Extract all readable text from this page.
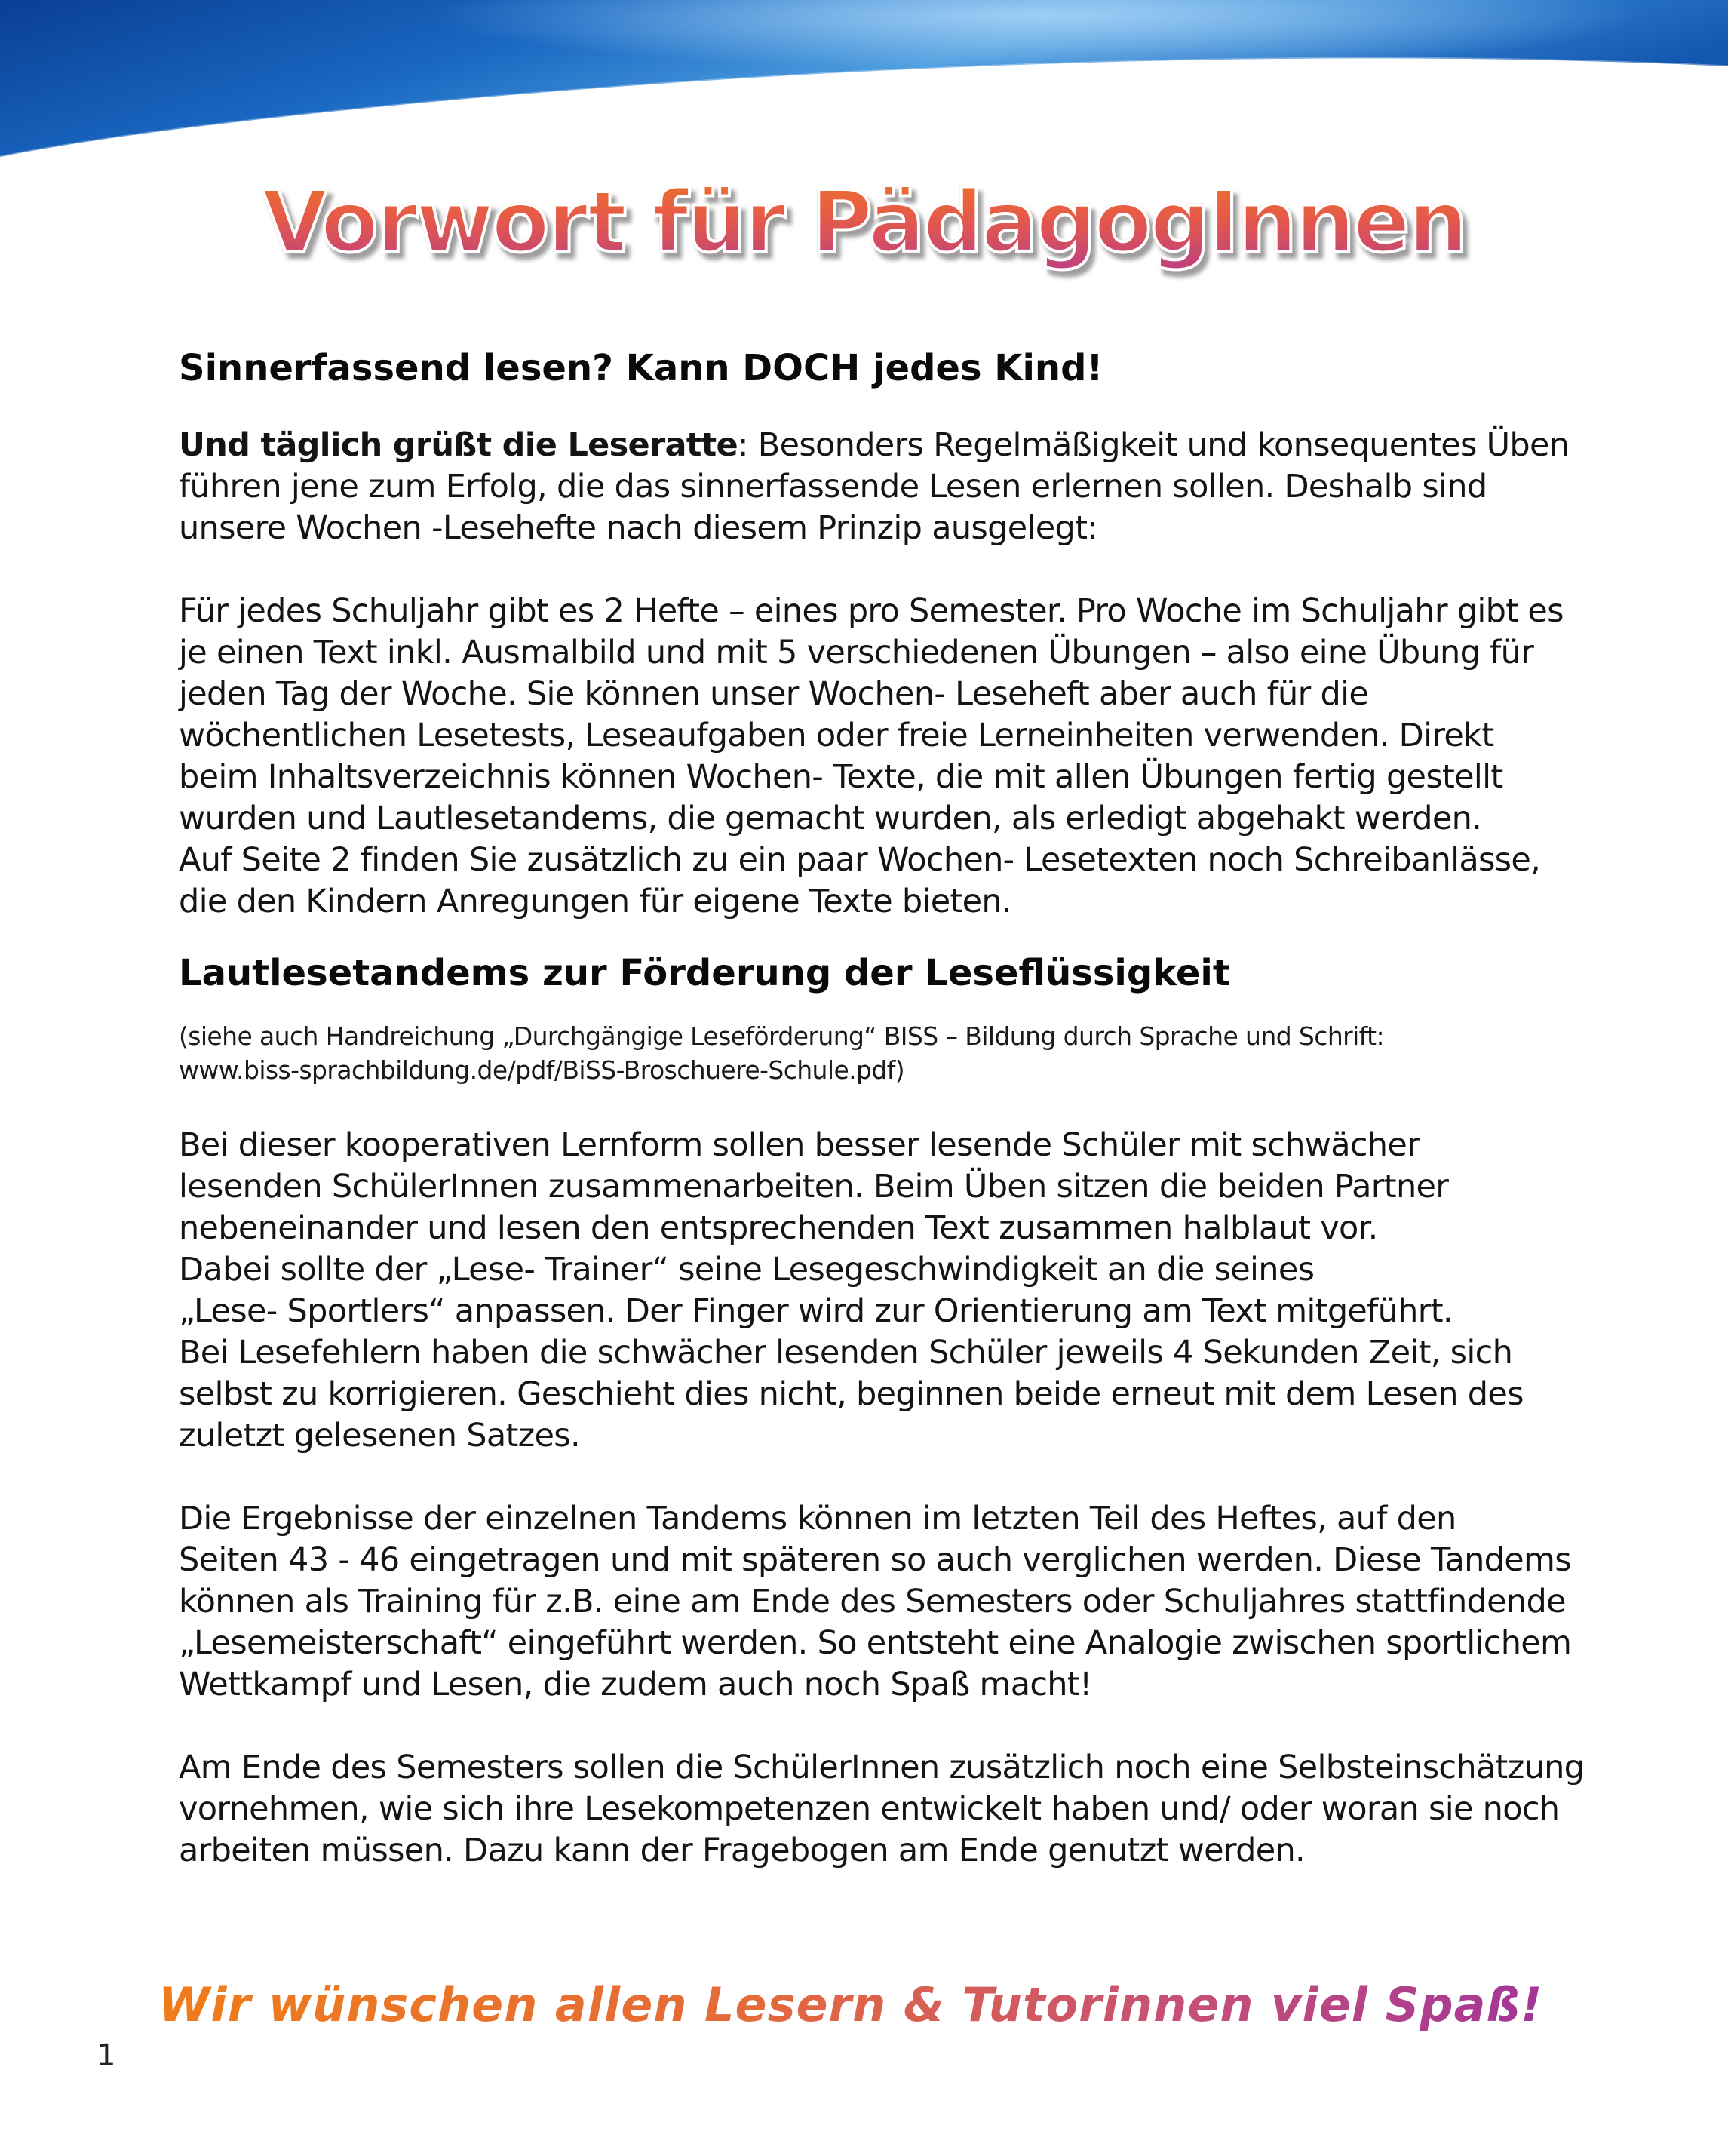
Vorwort für PädagogInnen
Sinnerfassend lesen? Kann DOCH jedes Kind!

Und täglich grüßt die Leseratte: Besonders Regelmäßigkeit und konsequentes Üben
führen jene zum Erfolg, die das sinnerfassende Lesen erlernen sollen. Deshalb sind
unsere Wochen -Lesehefte nach diesem Prinzip ausgelegt:

Für jedes Schuljahr gibt es 2 Hefte – eines pro Semester. Pro Woche im Schuljahr gibt es
je einen Text inkl. Ausmalbild und mit 5 verschiedenen Übungen – also eine Übung für
jeden Tag der Woche. Sie können unser Wochen- Leseheft aber auch für die
wöchentlichen Lesetests, Leseaufgaben oder freie Lerneinheiten verwenden. Direkt
beim Inhaltsverzeichnis können Wochen- Texte, die mit allen Übungen fertig gestellt
wurden und Lautlesetandems, die gemacht wurden, als erledigt abgehakt werden.
Auf Seite 2 finden Sie zusätzlich zu ein paar Wochen- Lesetexten noch Schreibanlässe,
die den Kindern Anregungen für eigene Texte bieten.

Lautlesetandems zur Förderung der Leseflüssigkeit

(siehe auch Handreichung „Durchgängige Leseförderung“ BISS – Bildung durch Sprache und Schrift:
www.biss-sprachbildung.de/pdf/BiSS-Broschuere-Schule.pdf)

Bei dieser kooperativen Lernform sollen besser lesende Schüler mit schwächer
lesenden SchülerInnen zusammenarbeiten. Beim Üben sitzen die beiden Partner
nebeneinander und lesen den entsprechenden Text zusammen halblaut vor.
Dabei sollte der „Lese- Trainer“ seine Lesegeschwindigkeit an die seines
„Lese- Sportlers“ anpassen. Der Finger wird zur Orientierung am Text mitgeführt.
Bei Lesefehlern haben die schwächer lesenden Schüler jeweils 4 Sekunden Zeit, sich
selbst zu korrigieren. Geschieht dies nicht, beginnen beide erneut mit dem Lesen des
zuletzt gelesenen Satzes.

Die Ergebnisse der einzelnen Tandems können im letzten Teil des Heftes, auf den
Seiten 43 - 46 eingetragen und mit späteren so auch verglichen werden. Diese Tandems
können als Training für z.B. eine am Ende des Semesters oder Schuljahres stattfindende
„Lesemeisterschaft“ eingeführt werden. So entsteht eine Analogie zwischen sportlichem
Wettkampf und Lesen, die zudem auch noch Spaß macht!

Am Ende des Semesters sollen die SchülerInnen zusätzlich noch eine Selbsteinschätzung
vornehmen, wie sich ihre Lesekompetenzen entwickelt haben und/ oder woran sie noch
arbeiten müssen. Dazu kann der Fragebogen am Ende genutzt werden.

Wir wünschen allen Lesern & Tutorinnen viel Spaß!
1
